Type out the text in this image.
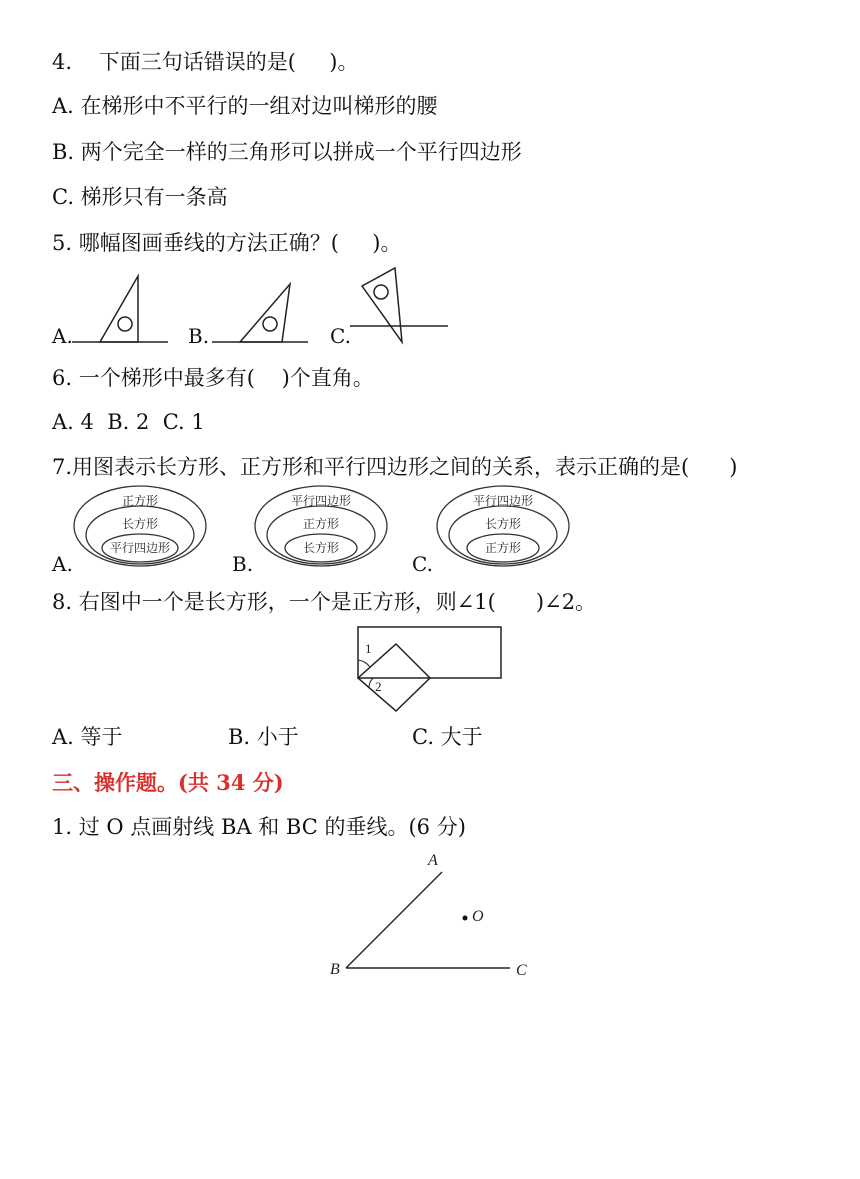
4.    下面三句话错误的是(     )。
A. 在梯形中不平行的一组对边叫梯形的腰
B. 两个完全一样的三角形可以拼成一个平行四边形
C. 梯形只有一条高
5. 哪幅图画垂线的方法正确？(     )。
A.	B.	C.
6. 一个梯形中最多有(    )个直角。
A. 4  B. 2  C. 1
7.用图表示长方形、正方形和平行四边形之间的关系，表示正确的是(      )
A.	B.	C.
正方形
长方形
平行四边形
平行四边形
正方形
长方形
平行四边形
长方形
正方形
8. 右图中一个是长方形，一个是正方形，则∠1(      )∠2。
1
2
A. 等于	B. 小于	C. 大于
三、操作题。(共 34 分)
1. 过 O 点画射线 BA 和 BC 的垂线。(6 分)
A
B	C
O
